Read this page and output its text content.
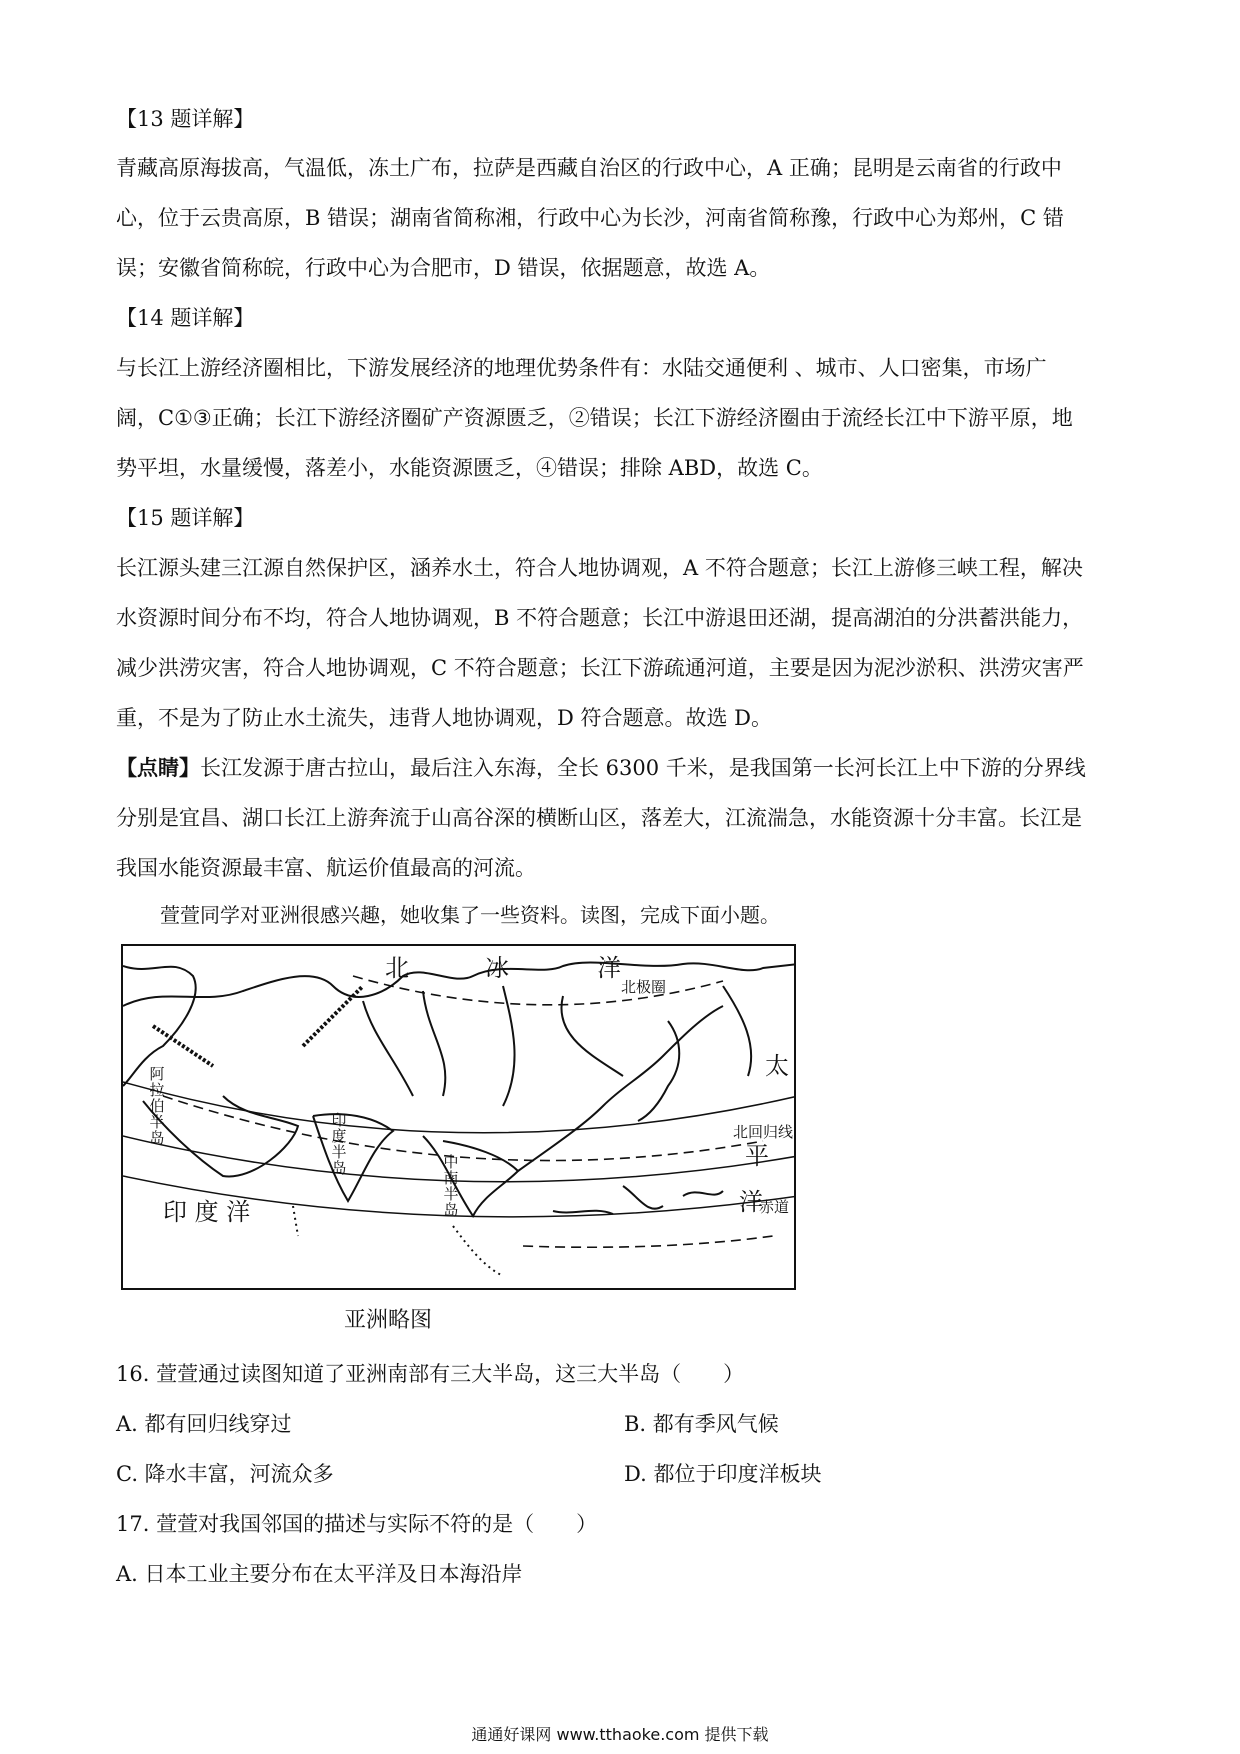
【13 题详解】
青藏高原海拔高，气温低，冻土广布，拉萨是西藏自治区的行政中心，A 正确；昆明是云南省的行政中
心，位于云贵高原，B 错误；湖南省简称湘，行政中心为长沙，河南省简称豫，行政中心为郑州，C 错
误；安徽省简称皖，行政中心为合肥市，D 错误，依据题意，故选 A。
【14 题详解】
与长江上游经济圈相比，下游发展经济的地理优势条件有：水陆交通便利 、城市、人口密集，市场广
阔，C①③正确；长江下游经济圈矿产资源匮乏，②错误；长江下游经济圈由于流经长江中下游平原，地
势平坦，水量缓慢，落差小，水能资源匮乏，④错误；排除 ABD，故选 C。
【15 题详解】
长江源头建三江源自然保护区，涵养水土，符合人地协调观，A 不符合题意；长江上游修三峡工程，解决
水资源时间分布不均，符合人地协调观，B 不符合题意；长江中游退田还湖，提高湖泊的分洪蓄洪能力，
减少洪涝灾害，符合人地协调观，C 不符合题意；长江下游疏通河道，主要是因为泥沙淤积、洪涝灾害严
重，不是为了防止水土流失，违背人地协调观，D 符合题意。故选 D。
【点睛】长江发源于唐古拉山，最后注入东海，全长 6300 千米，是我国第一长河长江上中下游的分界线
分别是宜昌、湖口长江上游奔流于山高谷深的横断山区，落差大，江流湍急，水能资源十分丰富。长江是
我国水能资源最丰富、航运价值最高的河流。
萱萱同学对亚洲很感兴趣，她收集了一些资料。读图，完成下面小题。
北	冰	洋
北极圈
太
平
洋
北回归线
赤道
印 度 洋
阿
拉
伯
半
岛
印
度
半
岛	中
南
半
岛
亚洲略图
16. 萱萱通过读图知道了亚洲南部有三大半岛，这三大半岛（　　）
A. 都有回归线穿过	B. 都有季风气候
C. 降水丰富，河流众多	D. 都位于印度洋板块
17. 萱萱对我国邻国的描述与实际不符的是（　　）
A. 日本工业主要分布在太平洋及日本海沿岸
通通好课网 www.tthaoke.com 提供下载
